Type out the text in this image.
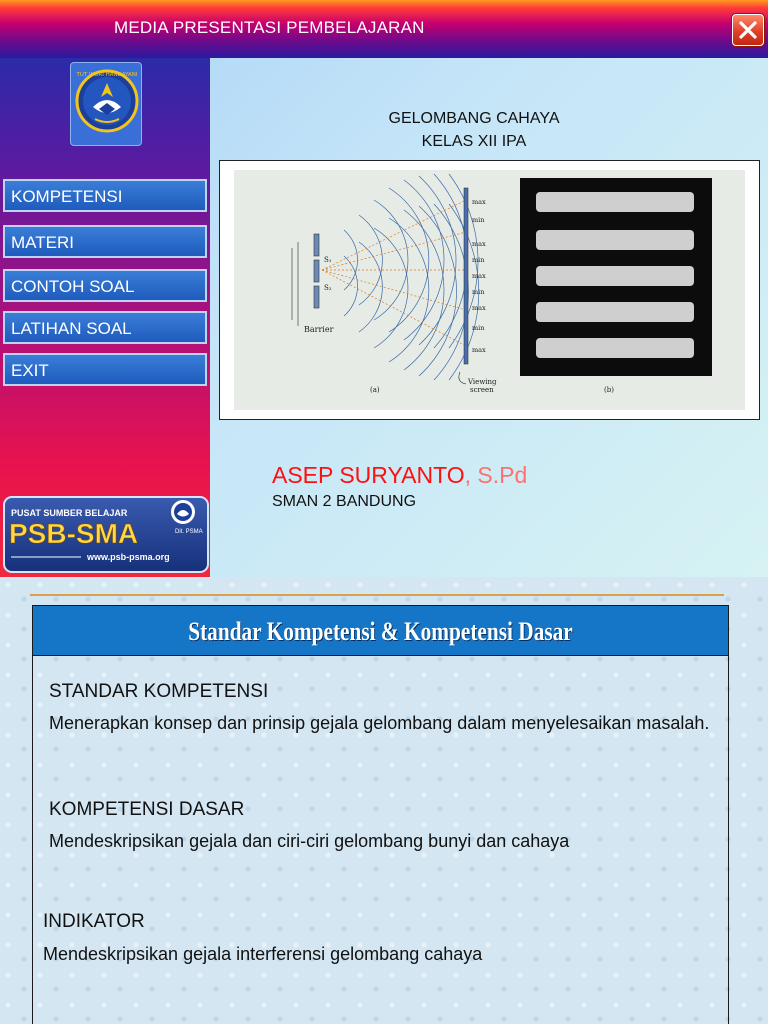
MEDIA PRESENTASI PEMBELAJARAN
TUT WURI HANDAYANI
KOMPETENSI
MATERI
CONTOH SOAL
LATIHAN SOAL
EXIT
PUSAT SUMBER BELAJAR
PSB-SMA	Dit. PSMA
www.psb-psma.org
GELOMBANG CAHAYA
KELAS XII IPA
S₁
S₂
Barrier
max
min
max
min
max
min
max
min
max
Viewing
screen
(a)	(b)
ASEP SURYANTO, S.Pd
SMAN 2 BANDUNG
Standar Kompetensi & Kompetensi Dasar
STANDAR KOMPETENSI
Menerapkan konsep dan prinsip gejala gelombang dalam menyelesaikan masalah.
KOMPETENSI DASAR
Mendeskripsikan gejala dan ciri-ciri gelombang bunyi dan cahaya
INDIKATOR
Mendeskripsikan gejala interferensi gelombang cahaya
